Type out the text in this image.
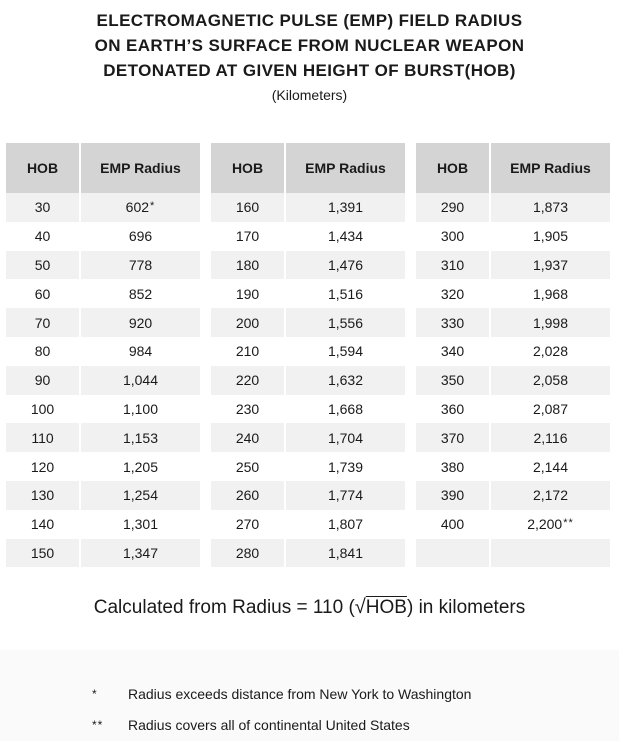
ELECTROMAGNETIC PULSE (EMP) FIELD RADIUS
ON EARTH’S SURFACE FROM NUCLEAR WEAPON
DETONATED AT GIVEN HEIGHT OF BURST(HOB)
(Kilometers)
HOB	EMP Radius
30	602*
40	696
50	778
60	852
70	920
80	984
90	1,044
100	1,100
110	1,153
120	1,205
130	1,254
140	1,301
150	1,347
HOB	EMP Radius
160	1,391
170	1,434
180	1,476
190	1,516
200	1,556
210	1,594
220	1,632
230	1,668
240	1,704
250	1,739
260	1,774
270	1,807
280	1,841
HOB	EMP Radius
290	1,873
300	1,905
310	1,937
320	1,968
330	1,998
340	2,028
350	2,058
360	2,087
370	2,116
380	2,144
390	2,172
400	2,200**

Calculated from Radius = 110 (√HOB) in kilometers
*	Radius exceeds distance from New York to Washington
**	Radius covers all of continental United States
